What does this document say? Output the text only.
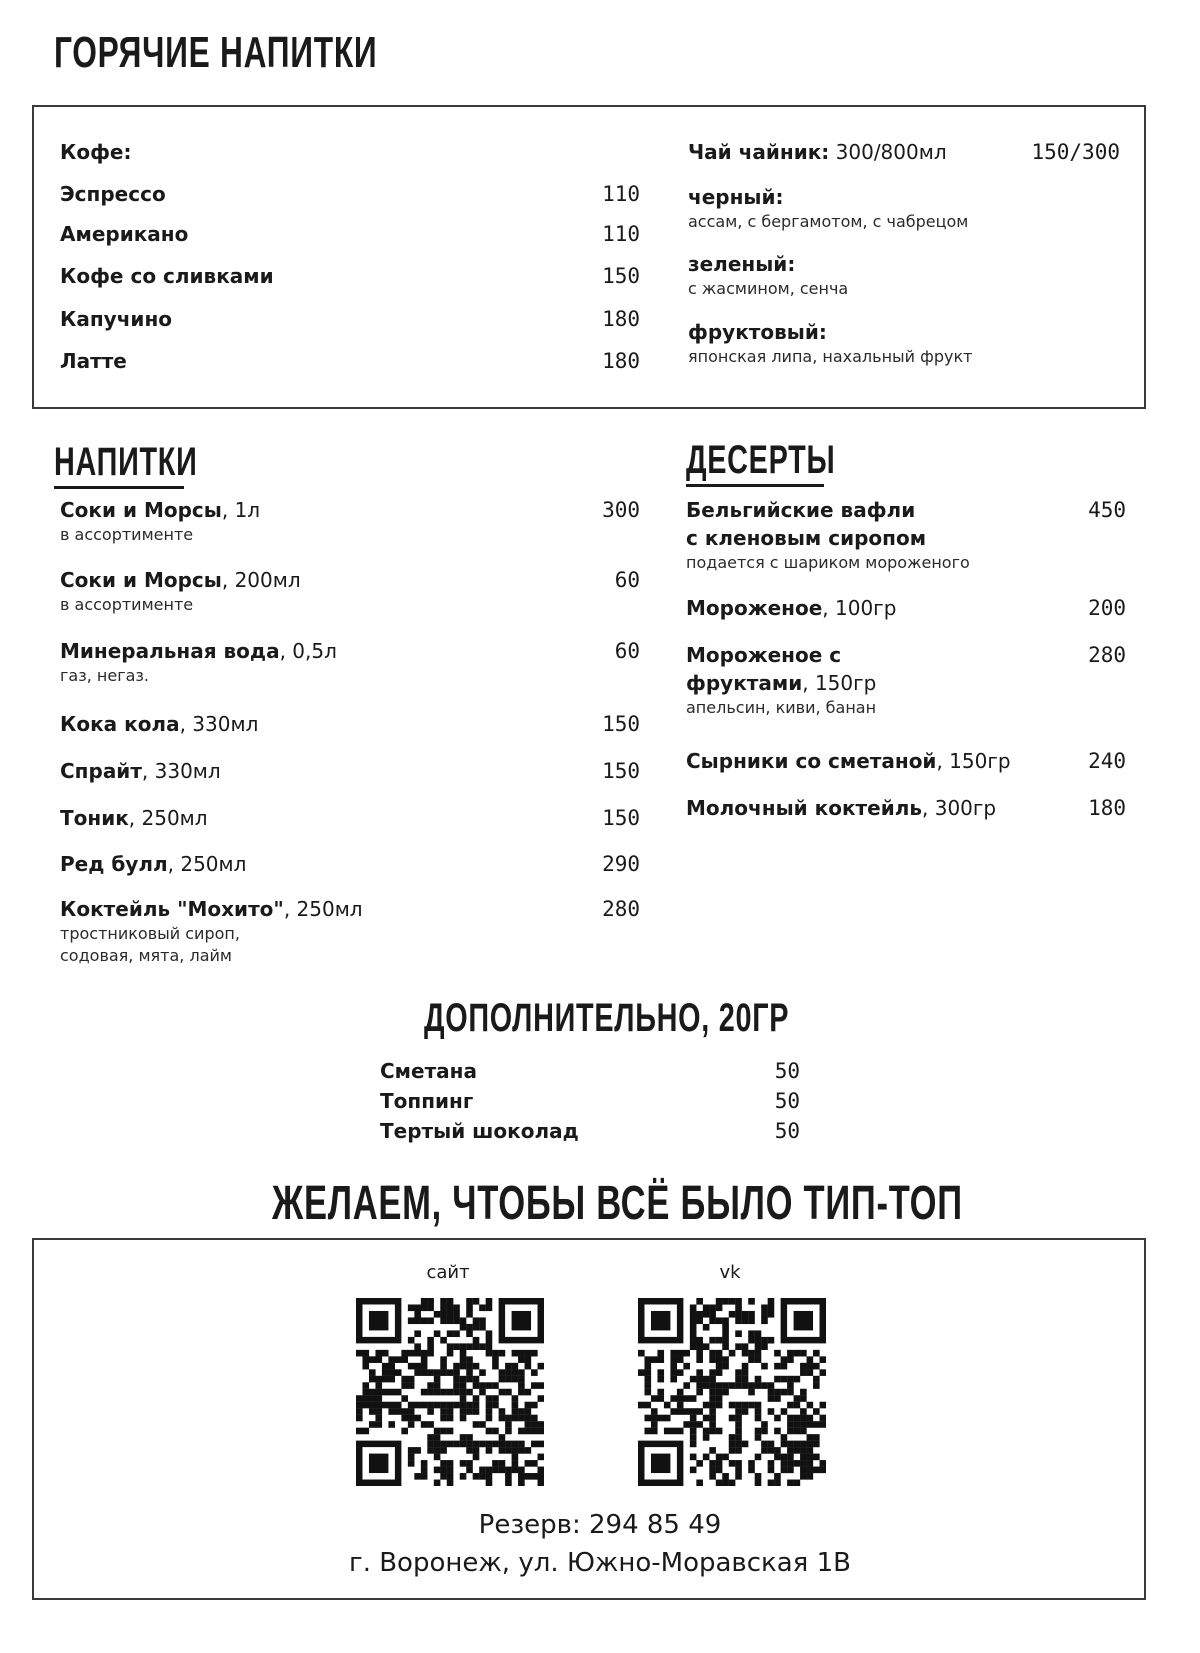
ГОРЯЧИЕ НАПИТКИ
Кофе:
Эспрессо	110
Американо	110
Кофе со сливками	150
Капучино	180
Латте	180
Чай чайник: 300/800мл	150/300
черный:
ассам, с бергамотом, с чабрецом
зеленый:
с жасмином, сенча
фруктовый:
японская липа, нахальный фрукт
НАПИТКИ
Соки и Морсы, 1л	300
в ассортименте
Соки и Морсы, 200мл	60
в ассортименте
Минеральная вода, 0,5л	60
газ, негаз.
Кока кола, 330мл	150
Спрайт, 330мл	150
Тоник, 250мл	150
Ред булл, 250мл	290
Коктейль "Мохито", 250мл	280
тростниковый сироп,
содовая, мята, лайм
ДЕСЕРТЫ
Бельгийские вафли	450
с кленовым сиропом
подается с шариком мороженого
Мороженое, 100гр	200
Мороженое с	280
фруктами, 150гр
апельсин, киви, банан
Сырники со сметаной, 150гр	240
Молочный коктейль, 300гр	180
ДОПОЛНИТЕЛЬНО, 20ГР
Сметана	50
Топпинг	50
Тертый шоколад	50
ЖЕЛАЕМ, ЧТОБЫ ВСЁ БЫЛО ТИП-ТОП
сайт	vk
Резерв: 294 85 49
г. Воронеж, ул. Южно-Моравская 1В
